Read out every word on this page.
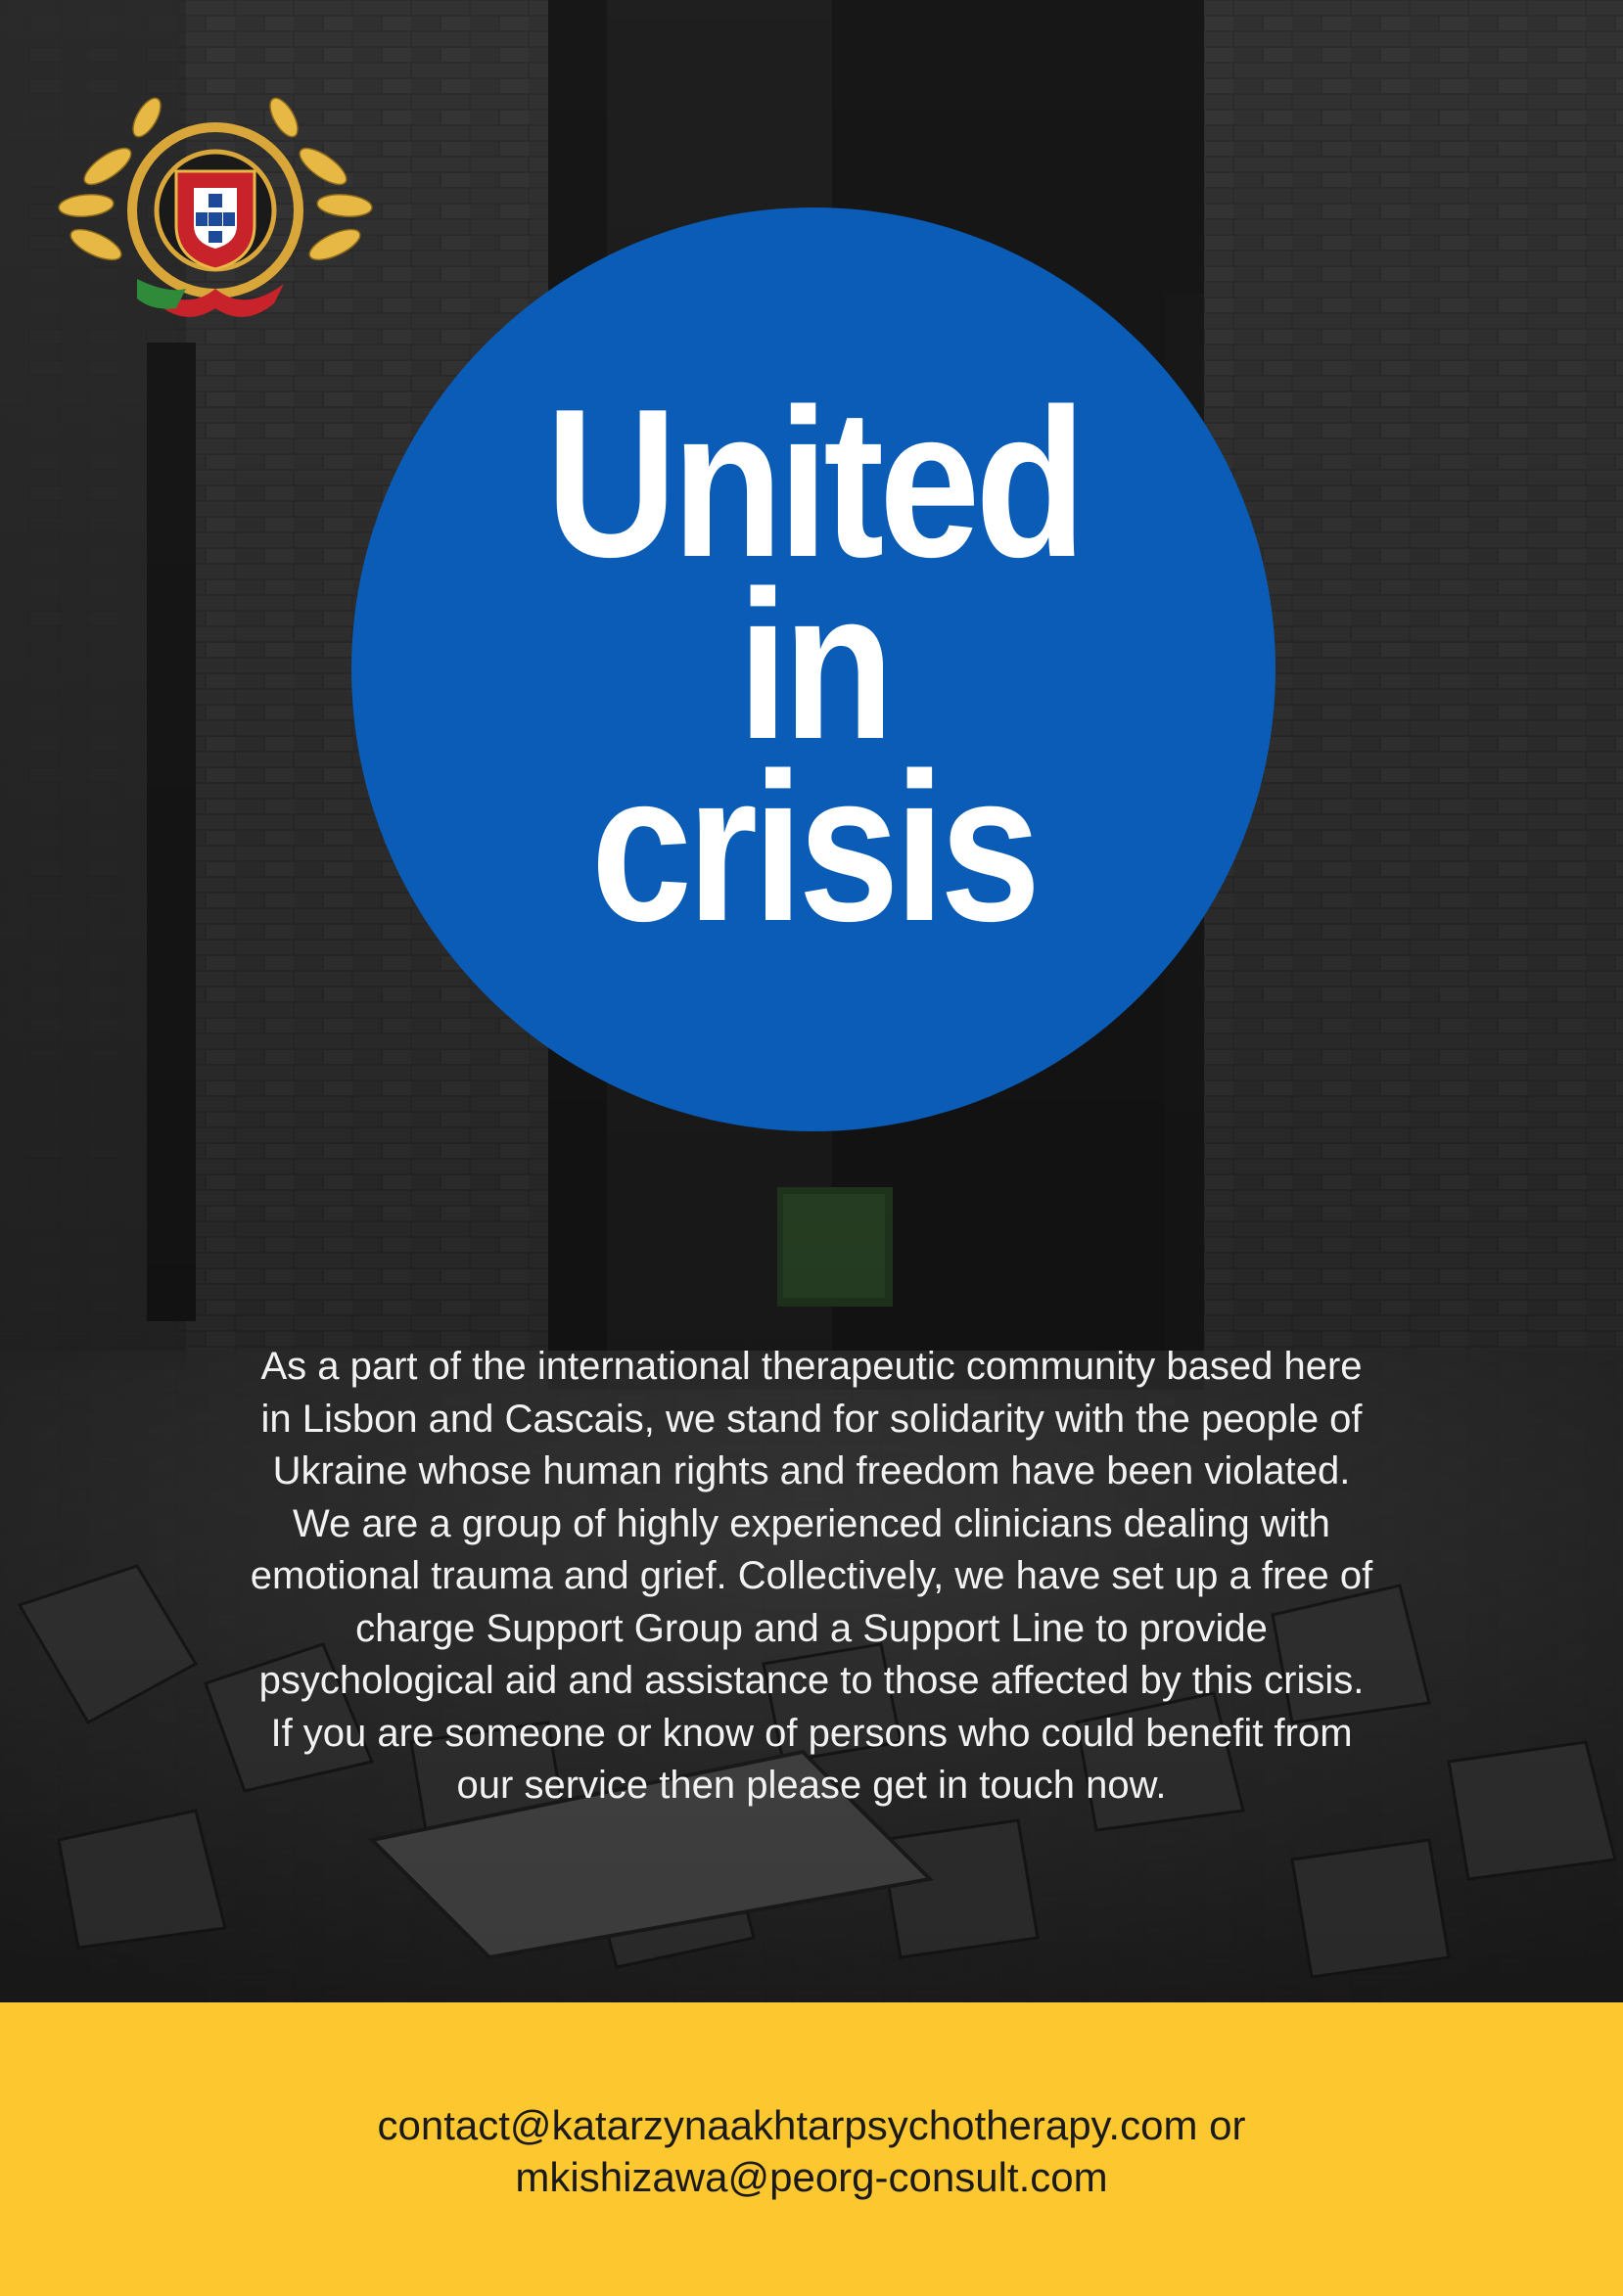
United
in
crisis
As a part of the international therapeutic community based here
in Lisbon and Cascais, we stand for solidarity with the people of
Ukraine whose human rights and freedom have been violated.
We are a group of highly experienced clinicians dealing with
emotional trauma and grief. Collectively, we have set up a free of
charge Support Group and a Support Line to provide
psychological aid and assistance to those affected by this crisis.
If you are someone or know of persons who could benefit from
our service then please get in touch now.
contact@katarzynaakhtarpsychotherapy.com or
mkishizawa@peorg-consult.com
